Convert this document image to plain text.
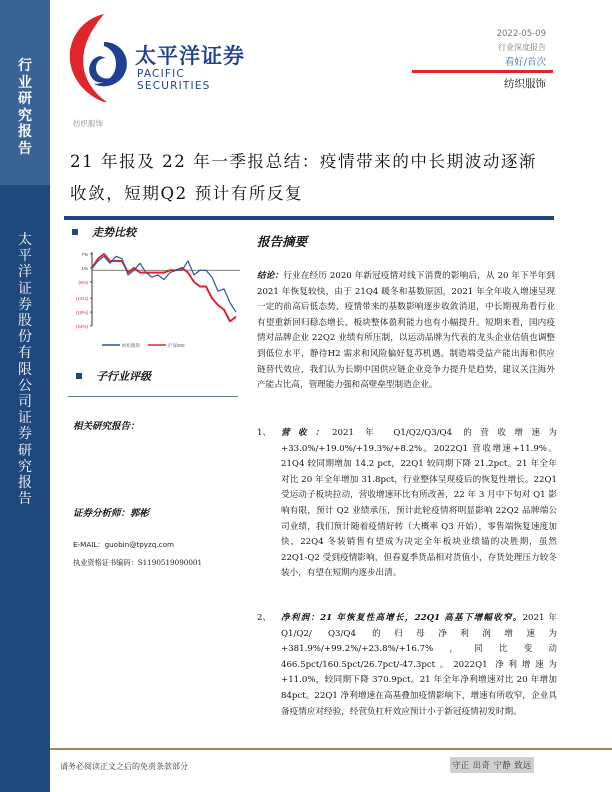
行
业
研
究
报
告
太
平
洋
证
券
股
份
有
限
公
司
证
券
研
究
报
告
太平洋证券
PACIFIC SECURITIES
2022-05-09
行业深度报告
看好/首次
纺织服饰
纺织服饰
21 年报及 22 年一季报总结：疫情带来的中长期波动逐渐收敛，短期Q2 预计有所反复
走势比较
7%
1%
(5%)
(12%)
(18%)
(24%)
纺织服饰	沪深300
子行业评级
相关研究报告：
证券分析师：郭彬
E-MAIL：guobin@tpyzq.com
执业资格证书编码：S1190519090001
报告摘要
结论：行业在经历 2020 年新冠疫情对线下消费的影响后，从 20 年下半年到 2021 年恢复较快，由于 21Q4 暖冬和基数原因，2021 年全年收入增速呈现一定的前高后低态势，疫情带来的基数影响逐步收敛消退，中长期视角看行业有望重新回归稳态增长，板块整体盈利能力也有小幅提升。短期来看，国内疫情对品牌企业 22Q2 业绩有所压制，以运动品牌为代表的龙头企业估值也调整到低位水平，静待H2 需求和风险偏好复苏机遇。制造端受益产能出海和供应链替代效应，我们认为长期中国供应链企业竞争力提升是趋势，建议关注海外产能占比高，管理能力强和高壁垒型制造企业。
1、	营收：2021 年 Q1/Q2/Q3/Q4 的营收增速为+33.0%/+19.0%/+19.3%/+8.2%。2022Q1 营收增速+11.9%。21Q4 较同期增加 14.2 pct，22Q1 较同期下降 21.2pct。21 年全年对比 20 年全年增加 31.8pct，行业整体呈现疫后的恢复性增长。22Q1 受运动子板块拉动，营收增速环比有所改善，22 年 3 月中下旬对 Q1 影响有限，预计 Q2 业绩承压，预计此轮疫情将明显影响 22Q2 品牌端公司业绩，我们预计随着疫情好转（大概率 Q3 开始），零售端恢复速度加快，22Q4 冬装销售有望成为决定全年板块业绩锚的决胜期，虽然 22Q1-Q2 受到疫情影响，但春夏季货品相对货值小，存货处理压力较冬装小，有望在短期内逐步出清。
2、	净利润：21 年恢复性高增长，22Q1 高基下增幅收窄。2021 年 Q1/Q2/ Q3/Q4 的归母净利润增速为+381.9%/+99.2%/+23.8%/+16.7%，同比变动 466.5pct/160.5pct/26.7pct/-47.3pct。2022Q1 净利增速为+11.0%，较同期下降 370.9pct。21 年全年净利增速对比 20 年增加 84pct。22Q1 净利增速在高基叠加疫情影响下，增速有所收窄，企业具备疫情应对经验，经营负杠杆效应预计小于新冠疫情初发时期。
请务必阅读正文之后的免责条款部分	守正 出奇 宁静 致远
